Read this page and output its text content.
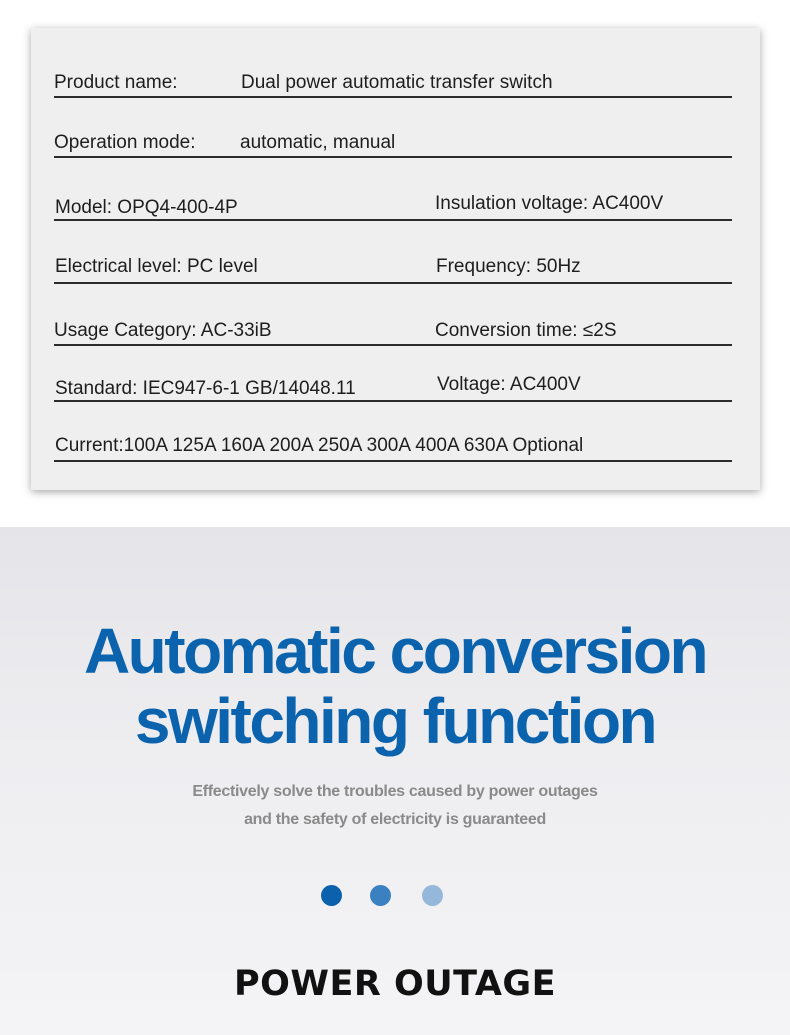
Product name:	Dual power automatic transfer switch
Operation mode: automatic, manual
Model: OPQ4-400-4P	Insulation voltage: AC400V
Electrical level: PC level	Frequency: 50Hz
Usage Category: AC-33iB	Conversion time: ≤2S
Standard: IEC947-6-1 GB/14048.11	Voltage: AC400V
Current:100A 125A 160A 200A 250A 300A 400A 630A Optional
Automatic conversion
switching function
Effectively solve the troubles caused by power outages
and the safety of electricity is guaranteed
POWER OUTAGE
